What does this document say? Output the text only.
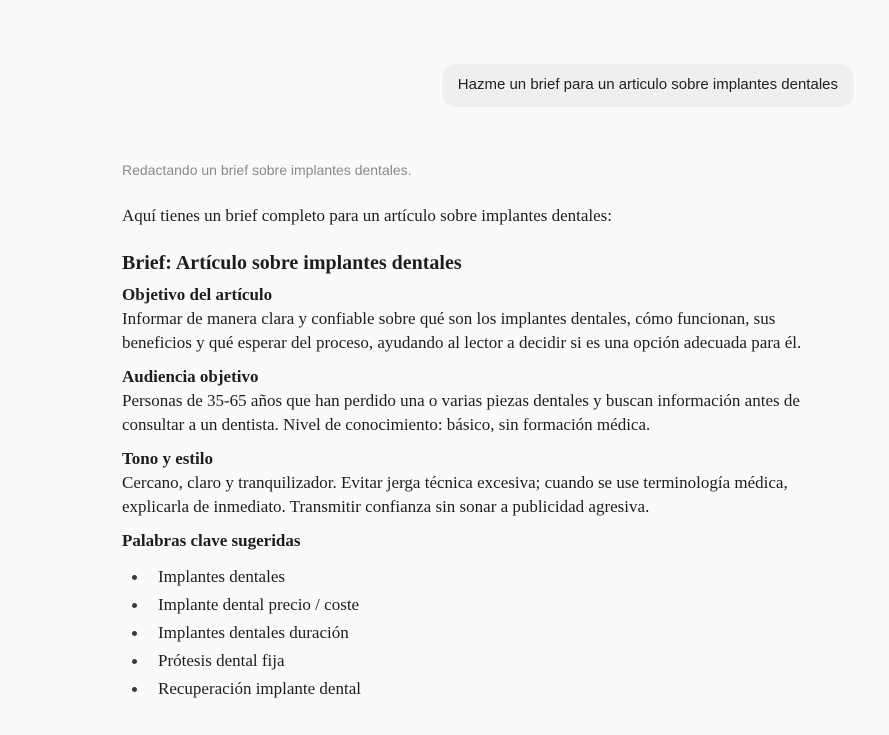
Hazme un brief para un articulo sobre implantes dentales

Redactando un brief sobre implantes dentales.

Aquí tienes un brief completo para un artículo sobre implantes dentales:

Brief: Artículo sobre implantes dentales

Objetivo del artículo

Informar de manera clara y confiable sobre qué son los implantes dentales, cómo funcionan, sus beneficios y qué esperar del proceso, ayudando al lector a decidir si es una opción adecuada para él.

Audiencia objetivo

Personas de 35-65 años que han perdido una o varias piezas dentales y buscan información antes de consultar a un dentista. Nivel de conocimiento: básico, sin formación médica.

Tono y estilo

Cercano, claro y tranquilizador. Evitar jerga técnica excesiva; cuando se use terminología médica, explicarla de inmediato. Transmitir confianza sin sonar a publicidad agresiva.

Palabras clave sugeridas

Implantes dentales
Implante dental precio / coste
Implantes dentales duración
Prótesis dental fija
Recuperación implante dental
